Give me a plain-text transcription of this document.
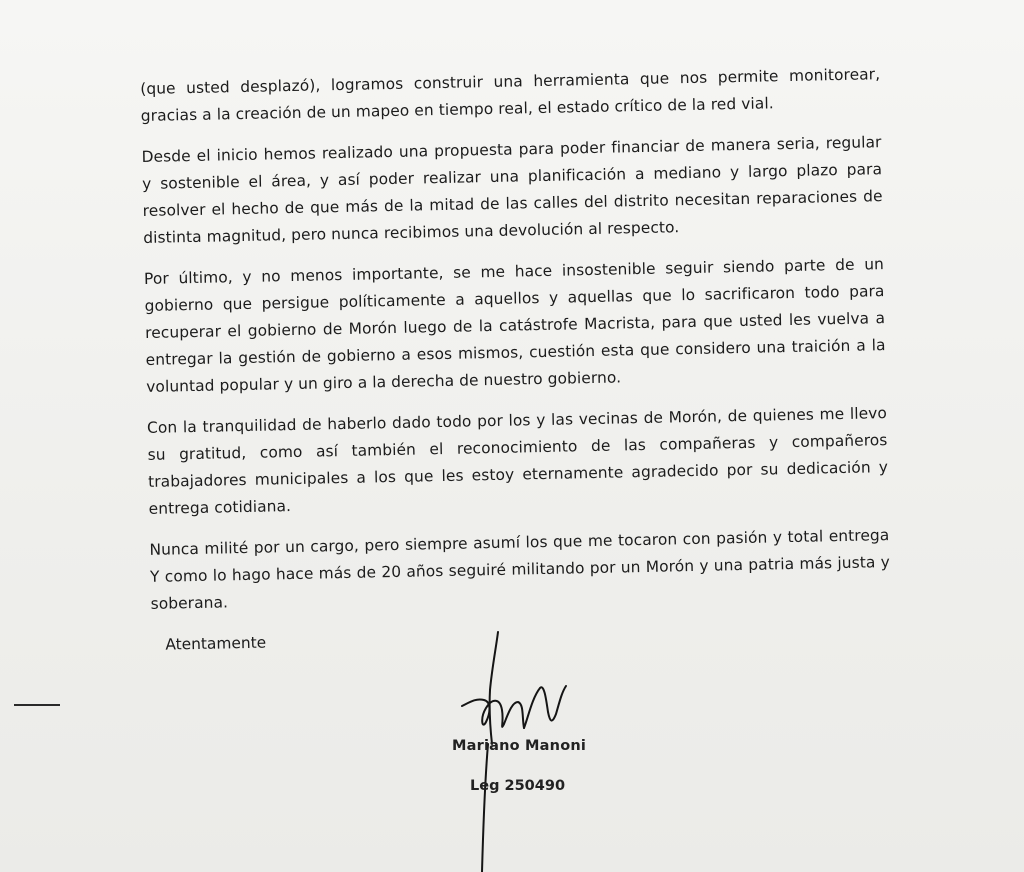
(que usted desplazó), logramos construir una herramienta que nos permite monitorear, gracias a la creación de un mapeo en tiempo real, el estado crítico de la red vial.

Desde el inicio hemos realizado una propuesta para poder financiar de manera seria, regular y sostenible el área, y así poder realizar una planificación a mediano y largo plazo para resolver el hecho de que más de la mitad de las calles del distrito necesitan reparaciones de distinta magnitud, pero nunca recibimos una devolución al respecto.

Por último, y no menos importante, se me hace insostenible seguir siendo parte de un gobierno que persigue políticamente a aquellos y aquellas que lo sacrificaron todo para recuperar el gobierno de Morón luego de la catástrofe Macrista, para que usted les vuelva a entregar la gestión de gobierno a esos mismos, cuestión esta que considero una traición a la voluntad popular y un giro a la derecha de nuestro gobierno.

Con la tranquilidad de haberlo dado todo por los y las vecinas de Morón, de quienes me llevo su gratitud, como así también el reconocimiento de las compañeras y compañeros trabajadores municipales a los que les estoy eternamente agradecido por su dedicación y entrega cotidiana.

Nunca milité por un cargo, pero siempre asumí los que me tocaron con pasión y total entrega Y como lo hago hace más de 20 años seguiré militando por un Morón y una patria más justa y soberana.

Atentamente
Mariano Manoni
Leg 250490
